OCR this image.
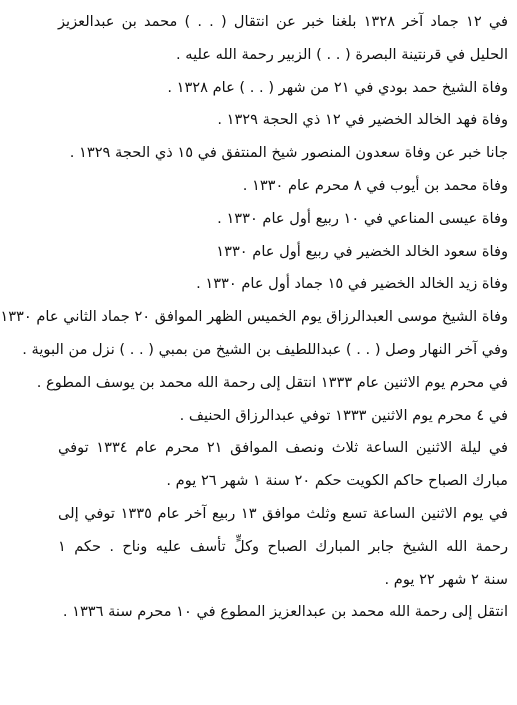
في ١٢ جماد آخر ١٣٢٨ بلغنا خبر عن انتقال ( . . ) محمد بن عبدالعزيز
الحليل في قرنتينة البصرة ( . . ) الزبير رحمة الله عليه .
وفاة الشيخ حمد بودي في ٢١ من شهر ( . . ) عام ١٣٢٨ .
وفاة فهد الخالد الخضير في ١٢ ذي الحجة ١٣٢٩ .
جانا خبر عن وفاة سعدون المنصور شيخ المنتفق في ١٥ ذي الحجة ١٣٢٩ .
وفاة محمد بن أيوب في ٨ محرم عام ١٣٣٠ .
وفاة عيسى المناعي في ١٠ ربيع أول عام ١٣٣٠ .
وفاة سعود الخالد الخضير في ربيع أول عام ١٣٣٠
وفاة زيد الخالد الخضير في ١٥ جماد أول عام ١٣٣٠ .
وفاة الشيخ موسى العبدالرزاق يوم الخميس الظهر الموافق ٢٠ جماد الثاني عام ١٣٣٠
وفي آخر النهار وصل ( . . ) عبداللطيف بن الشيخ من بمبي ( . . ) نزل من البوية .
في محرم يوم الاثنين عام ١٣٣٣ انتقل إلى رحمة الله محمد بن يوسف المطوع .
في ٤ محرم يوم الاثنين ١٣٣٣ توفي عبدالرزاق الحنيف .
في ليلة الاثنين الساعة ثلاث ونصف الموافق ٢١ محرم عام ١٣٣٤ توفي
مبارك الصباح حاكم الكويت حكم ٢٠ سنة ١ شهر ٢٦ يوم .
في يوم الاثنين الساعة تسع وثلث موافق ١٣ ربيع آخر عام ١٣٣٥ توفي إلى
رحمة الله الشيخ جابر المبارك الصباح وكلٍّ تأسف عليه وناح . حكم ١
سنة ٢ شهر ٢٢ يوم .
انتقل إلى رحمة الله محمد بن عبدالعزيز المطوع في ١٠ محرم سنة ١٣٣٦ .
